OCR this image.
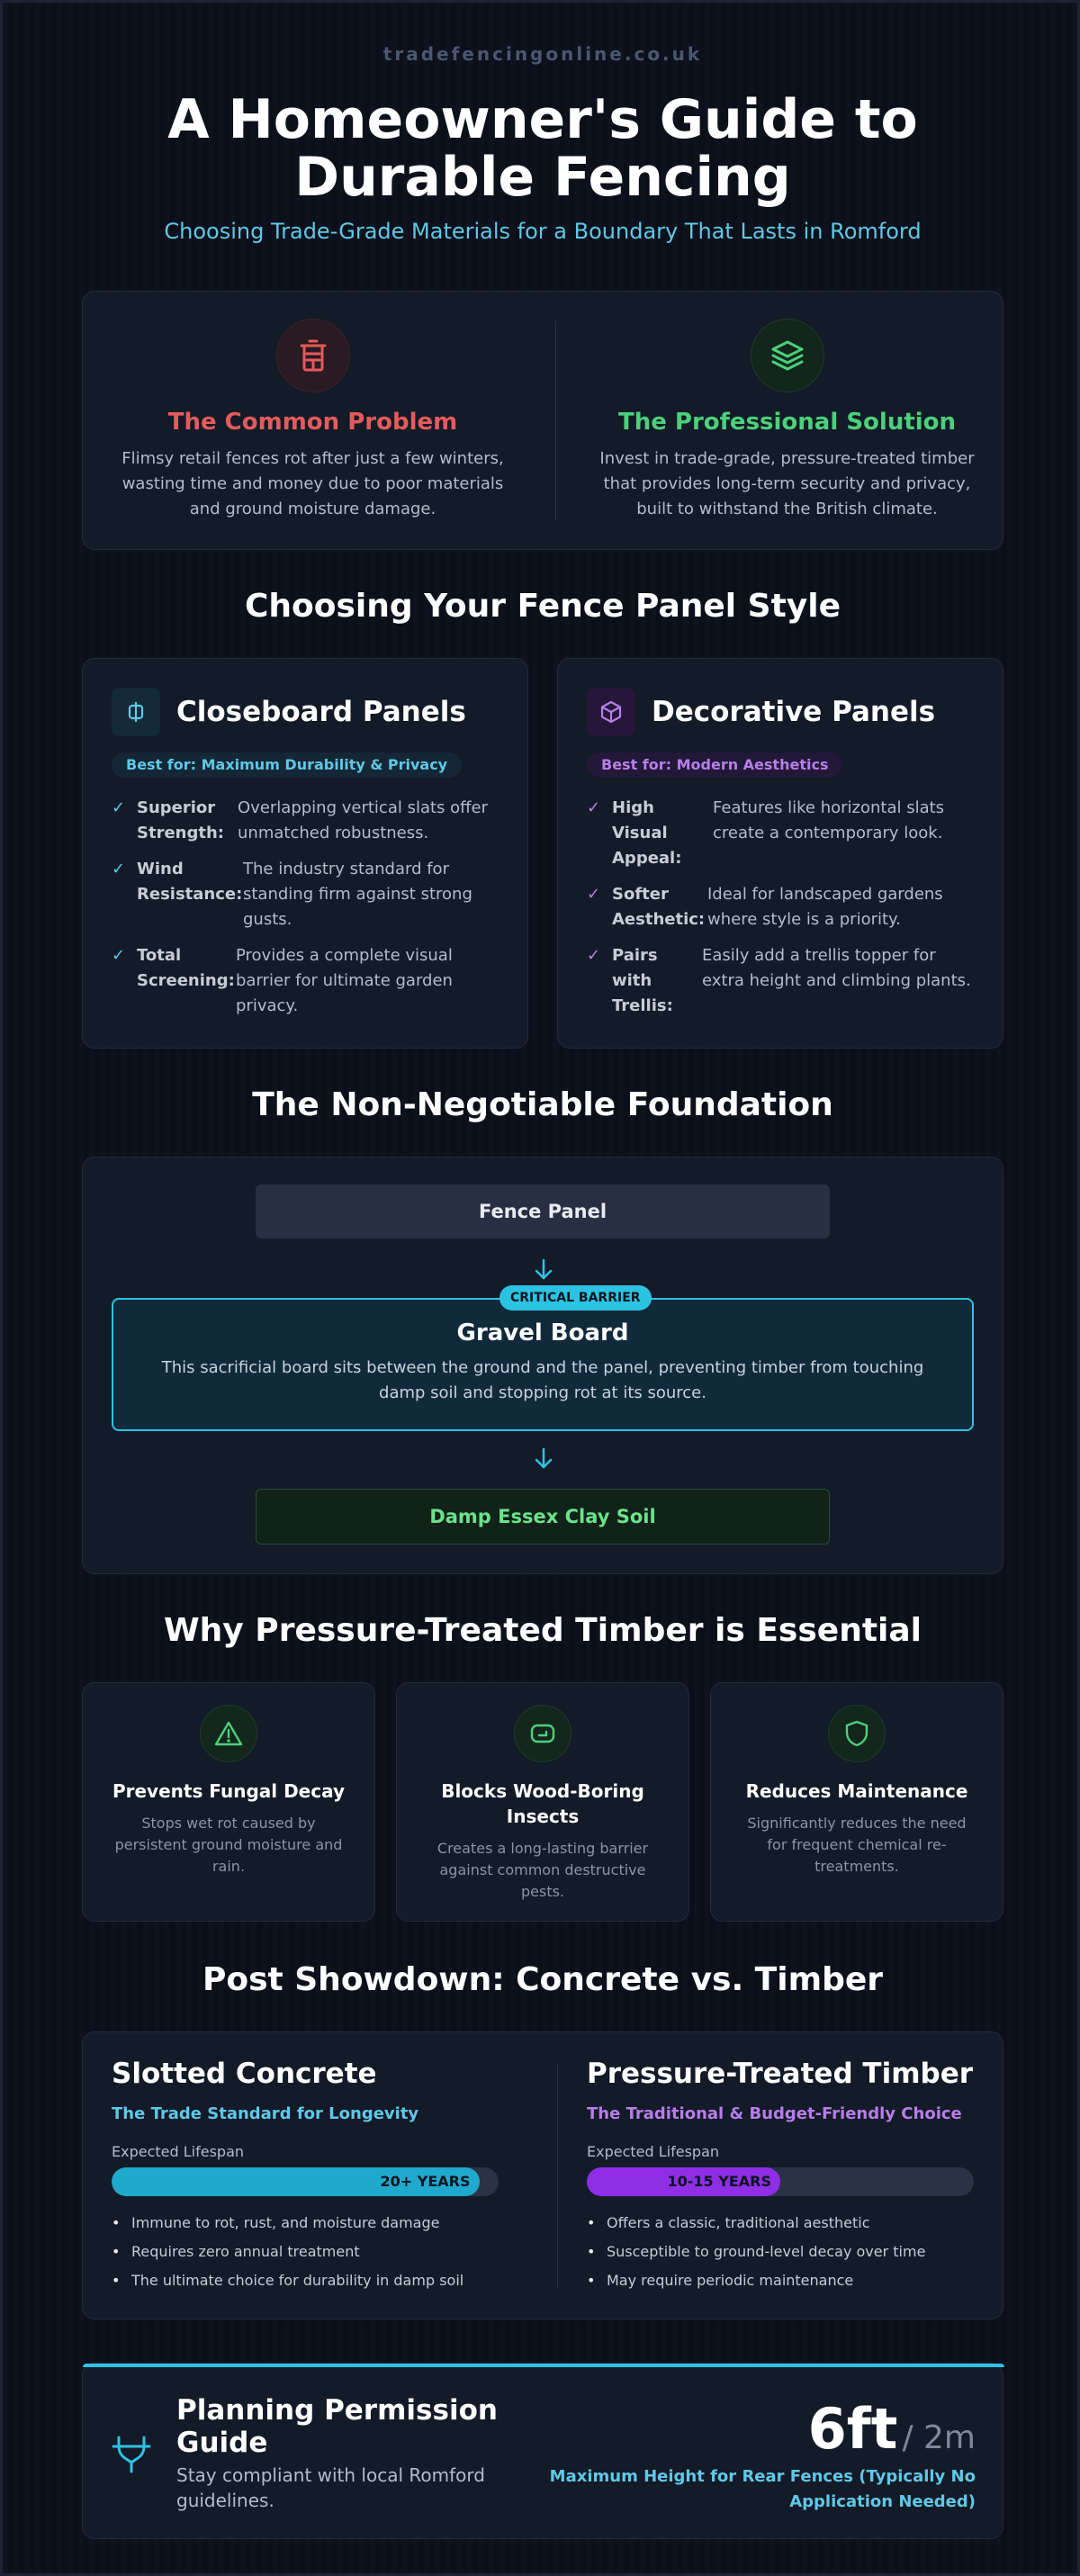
tradefencingonline.co.uk
A Homeowner's Guide to
Durable Fencing
Choosing Trade-Grade Materials for a Boundary That Lasts in Romford
The Common Problem
Flimsy retail fences rot after just a few winters, wasting time and money due to poor materials and ground moisture damage.
The Professional Solution
Invest in trade-grade, pressure-treated timber that provides long-term security and privacy, built to withstand the British climate.
Choosing Your Fence Panel Style
Closeboard Panels
Best for: Maximum Durability & Privacy
✓ Superior
Strength:
Overlapping vertical slats offer unmatched robustness.
✓ Wind
Resistance:
The industry standard for standing firm against strong gusts.
✓ Total
Screening:
Provides a complete visual barrier for ultimate garden privacy.
Decorative Panels
Best for: Modern Aesthetics
✓ High
Visual
Appeal:
Features like horizontal slats create a contemporary look.
✓ Softer
Aesthetic:
Ideal for landscaped gardens where style is a priority.
✓ Pairs
with
Trellis:
Easily add a trellis topper for extra height and climbing plants.
The Non-Negotiable Foundation
Fence Panel
CRITICAL BARRIER
Gravel Board
This sacrificial board sits between the ground and the panel, preventing timber from touching damp soil and stopping rot at its source.
Damp Essex Clay Soil
Why Pressure-Treated Timber is Essential
Prevents Fungal Decay
Stops wet rot caused by persistent ground moisture and rain.
Blocks Wood-Boring Insects
Creates a long-lasting barrier against common destructive pests.
Reduces Maintenance
Significantly reduces the need for frequent chemical re-treatments.
Post Showdown: Concrete vs. Timber
Slotted Concrete
The Trade Standard for Longevity
Expected Lifespan
20+ YEARS
• Immune to rot, rust, and moisture damage
• Requires zero annual treatment
• The ultimate choice for durability in damp soil
Pressure-Treated Timber
The Traditional & Budget-Friendly Choice
Expected Lifespan
10-15 YEARS
• Offers a classic, traditional aesthetic
• Susceptible to ground-level decay over time
• May require periodic maintenance
Planning Permission Guide
Stay compliant with local Romford guidelines.
6ft / 2m
Maximum Height for Rear Fences (Typically No Application Needed)
